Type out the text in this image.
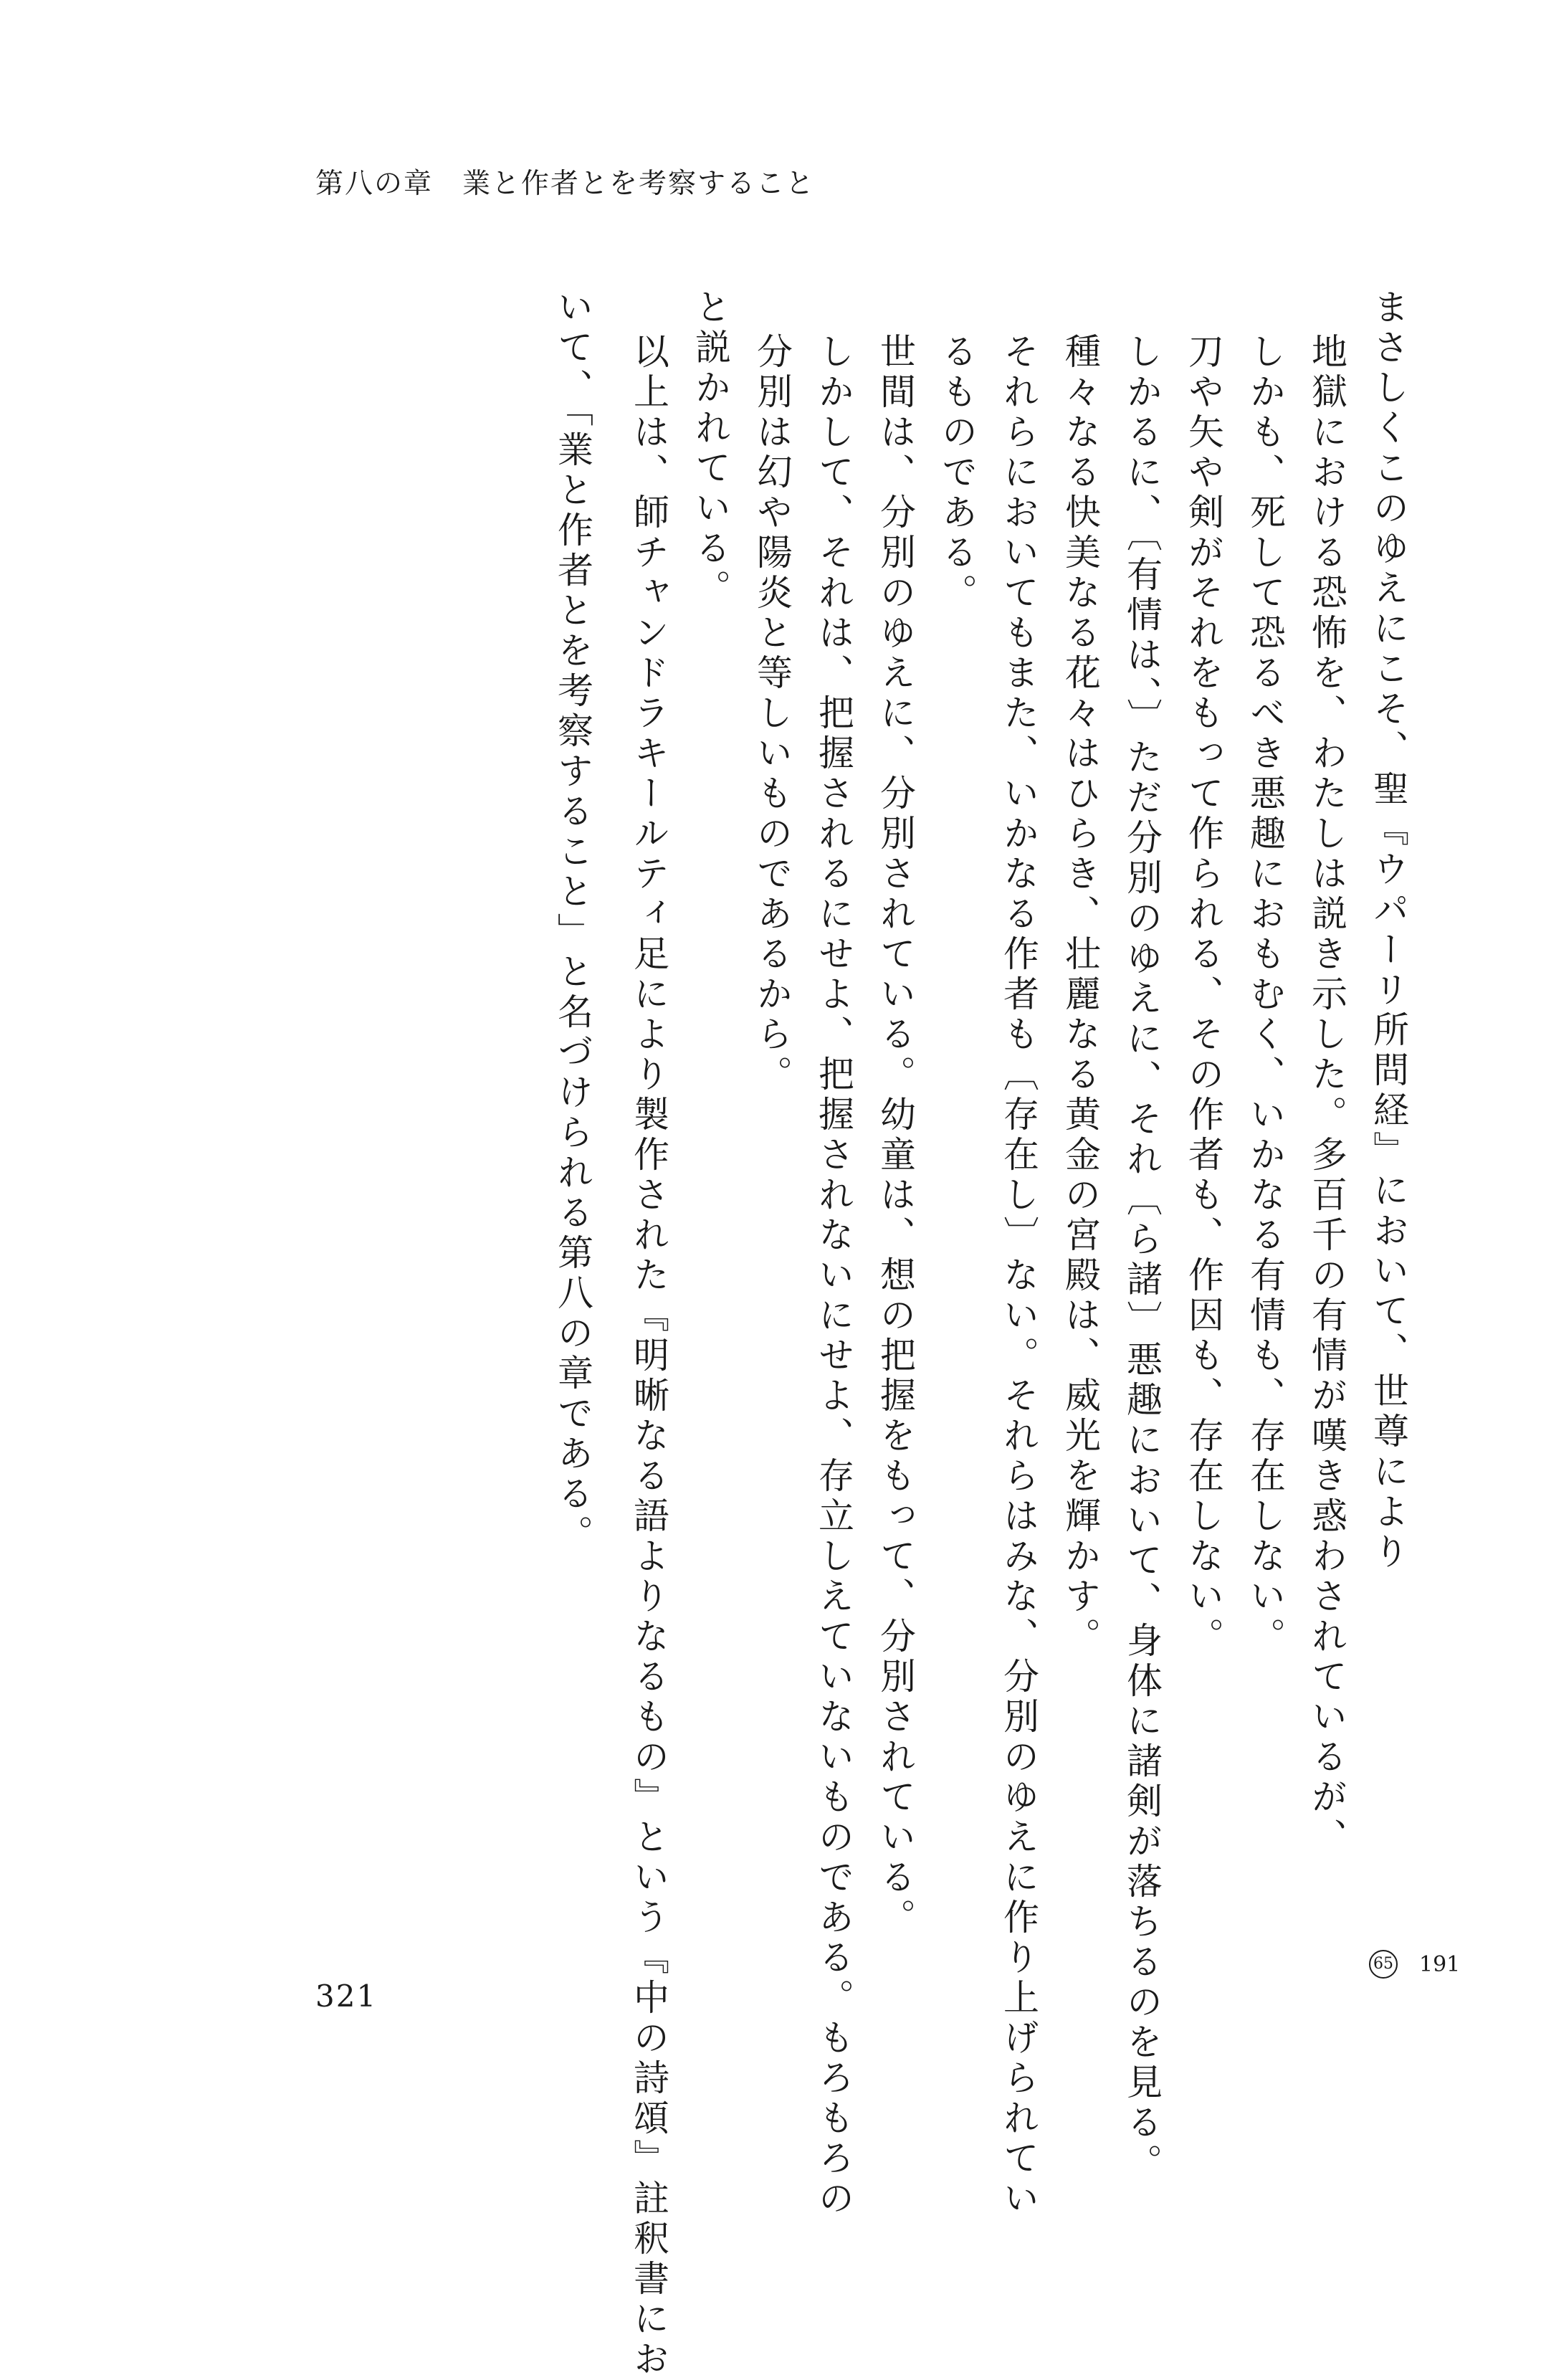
第八の章　業と作者とを考察すること

まさしくこのゆえにこそ、聖『ウパーリ所問経』において、世尊により

地獄における恐怖を、わたしは説き示した。多百千の有情が嘆き惑わされているが、

しかも、死して恐るべき悪趣におもむく、いかなる有情も、存在しない。

刀や矢や剣がそれをもって作られる、その作者も、作因も、存在しない。

しかるに、〔有情は、〕ただ分別のゆえに、それ〔ら諸〕悪趣において、身体に諸剣が落ちるのを見る。

種々なる快美なる花々はひらき、壮麗なる黄金の宮殿は、威光を輝かす。

それらにおいてもまた、いかなる作者も〔存在し〕ない。それらはみな、分別のゆえに作り上げられてい

るものである。

世間は、分別のゆえに、分別されている。幼童は、想の把握をもって、分別されている。

しかして、それは、把握されるにせよ、把握されないにせよ、存立しえていないものである。もろもろの

分別は幻や陽炎と等しいものであるから。

と説かれている。

以上は、師チャンドラキールティ足により製作された『明晰なる語よりなるもの』という『中の詩頌』註釈書にお

いて、「業と作者とを考察すること」と名づけられる第八の章である。

321
65 191
